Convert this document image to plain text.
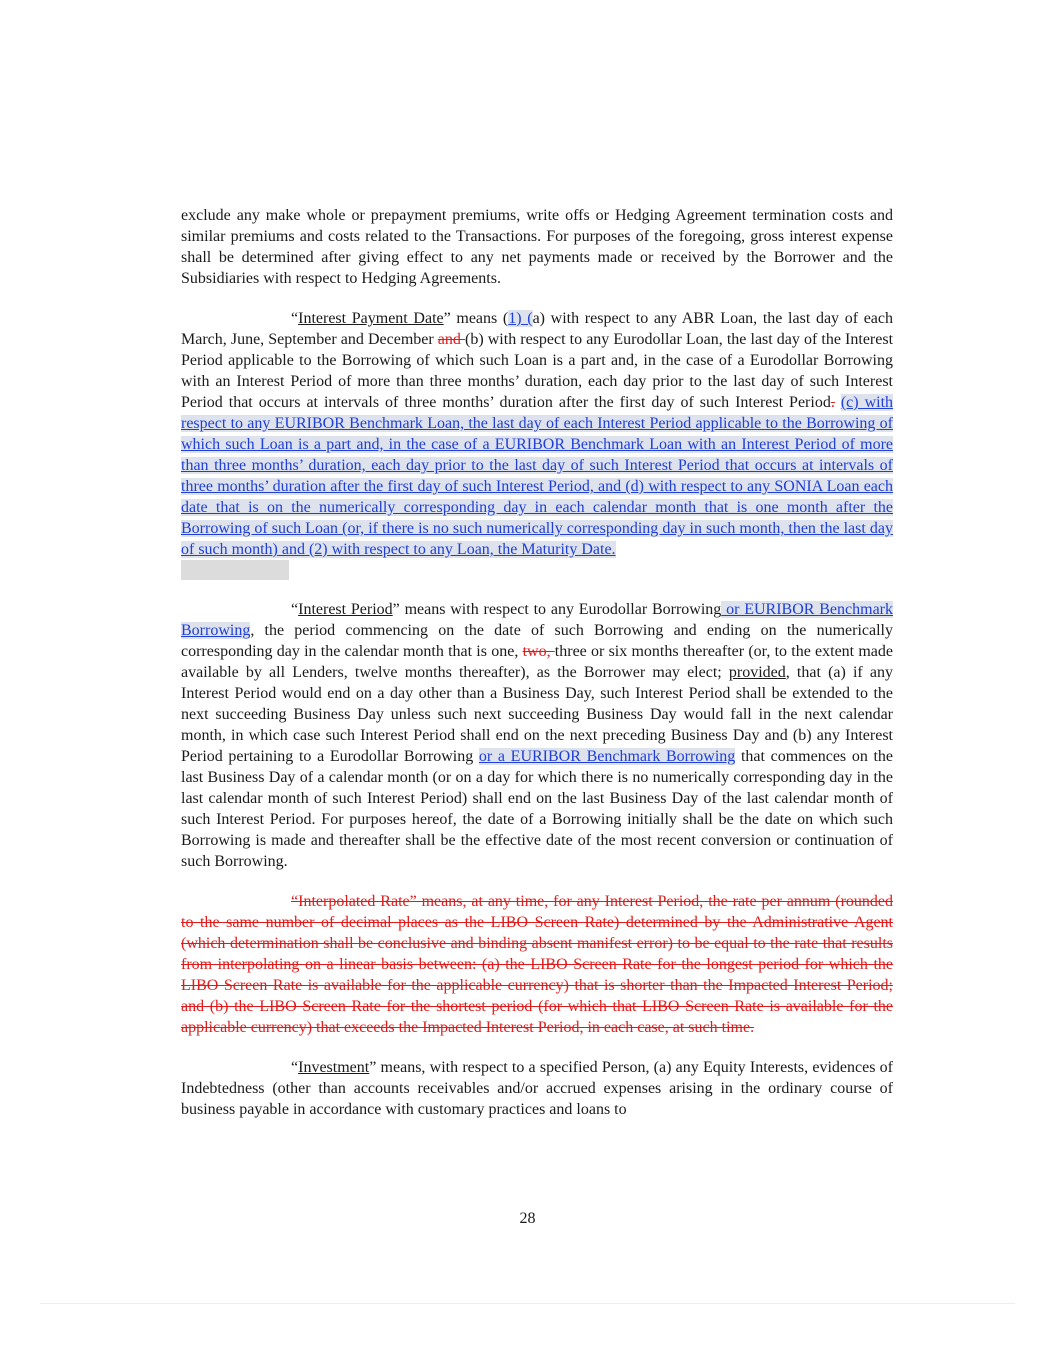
exclude any make whole or prepayment premiums, write offs or Hedging Agreement termination costs and similar premiums and costs related to the Transactions. For purposes of the foregoing, gross interest expense shall be determined after giving effect to any net payments made or received by the Borrower and the Subsidiaries with respect to Hedging Agreements.

“Interest Payment Date” means (1) (a) with respect to any ABR Loan, the last day of each March, June, September and December and (b) with respect to any Eurodollar Loan, the last day of the Interest Period applicable to the Borrowing of which such Loan is a part and, in the case of a Eurodollar Borrowing with an Interest Period of more than three months’ duration, each day prior to the last day of such Interest Period that occurs at intervals of three months’ duration after the first day of such Interest Period. (c) with respect to any EURIBOR Benchmark Loan, the last day of each Interest Period applicable to the Borrowing of which such Loan is a part and, in the case of a EURIBOR Benchmark Loan with an Interest Period of more than three months’ duration, each day prior to the last day of such Interest Period that occurs at intervals of three months’ duration after the first day of such Interest Period, and (d) with respect to any SONIA Loan each date that is on the numerically corresponding day in each calendar month that is one month after the Borrowing of such Loan (or, if there is no such numerically corresponding day in such month, then the last day of such month) and (2) with respect to any Loan, the Maturity Date.

“Interest Period” means with respect to any Eurodollar Borrowing or EURIBOR Benchmark Borrowing, the period commencing on the date of such Borrowing and ending on the numerically corresponding day in the calendar month that is one, two, three or six months thereafter (or, to the extent made available by all Lenders, twelve months thereafter), as the Borrower may elect; provided, that (a) if any Interest Period would end on a day other than a Business Day, such Interest Period shall be extended to the next succeeding Business Day unless such next succeeding Business Day would fall in the next calendar month, in which case such Interest Period shall end on the next preceding Business Day and (b) any Interest Period pertaining to a Eurodollar Borrowing or a EURIBOR Benchmark Borrowing that commences on the last Business Day of a calendar month (or on a day for which there is no numerically corresponding day in the last calendar month of such Interest Period) shall end on the last Business Day of the last calendar month of such Interest Period. For purposes hereof, the date of a Borrowing initially shall be the date on which such Borrowing is made and thereafter shall be the effective date of the most recent conversion or continuation of such Borrowing.

“Interpolated Rate” means, at any time, for any Interest Period, the rate per annum (rounded to the same number of decimal places as the LIBO Screen Rate) determined by the Administrative Agent (which determination shall be conclusive and binding absent manifest error) to be equal to the rate that results from interpolating on a linear basis between: (a) the LIBO Screen Rate for the longest period for which the LIBO Screen Rate is available for the applicable currency) that is shorter than the Impacted Interest Period; and (b) the LIBO Screen Rate for the shortest period (for which that LIBO Screen Rate is available for the applicable currency) that exceeds the Impacted Interest Period, in each case, at such time.

“Investment” means, with respect to a specified Person, (a) any Equity Interests, evidences of Indebtedness (other than accounts receivables and/or accrued expenses arising in the ordinary course of business payable in accordance with customary practices and loans to

28
